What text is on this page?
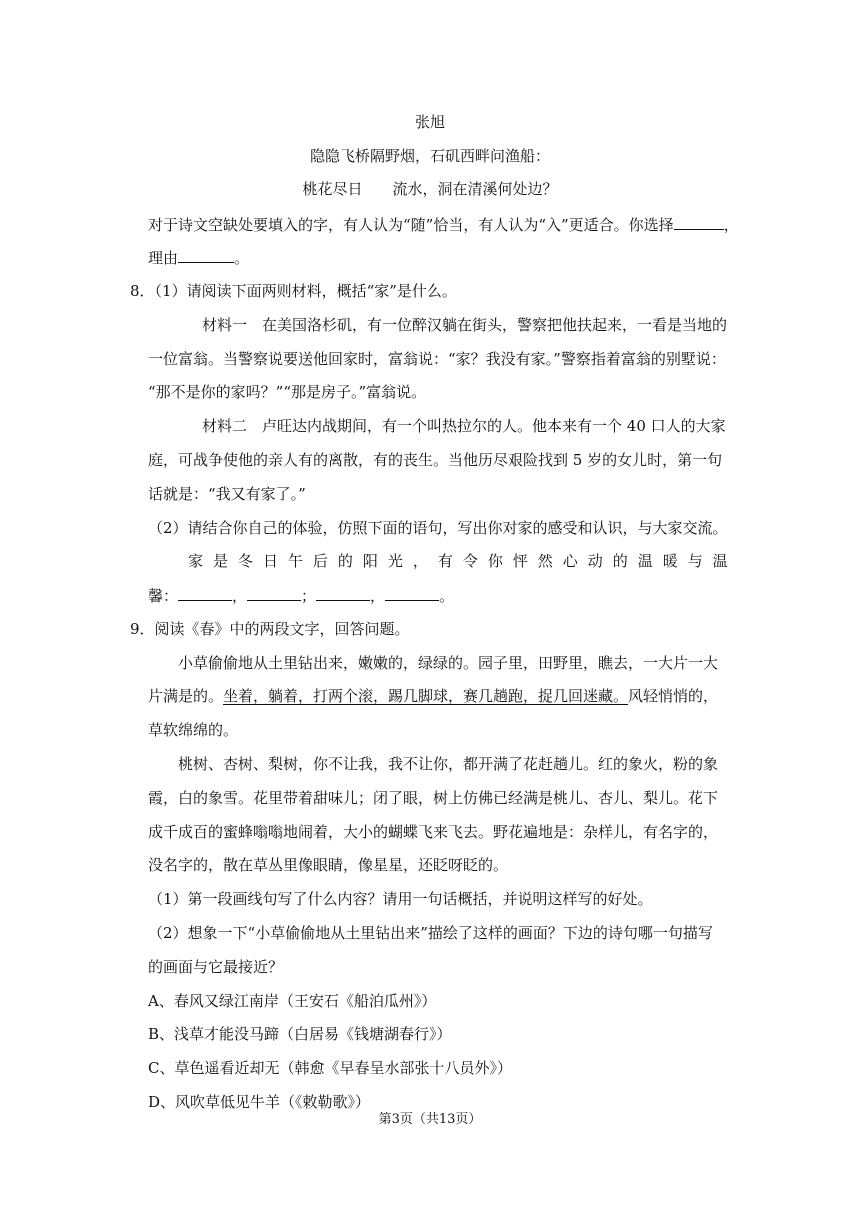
张旭
隐隐飞桥隔野烟，石矶西畔问渔船：
桃花尽日 流水，洞在清溪何处边？
对于诗文空缺处要填入的字，有人认为“随”恰当，有人认为“入”更适合。你选择	，
理由	。
8．（1）请阅读下面两则材料，概括“家”是什么。
材料一　在美国洛杉矶，有一位醉汉躺在街头，警察把他扶起来，一看是当地的
一位富翁。当警察说要送他回家时，富翁说：“家？我没有家。”警察指着富翁的别墅说：
“那不是你的家吗？”“那是房子。”富翁说。
材料二　卢旺达内战期间，有一个叫热拉尔的人。他本来有一个 40 口人的大家
庭，可战争使他的亲人有的离散，有的丧生。当他历尽艰险找到 5 岁的女儿时，第一句
话就是：“我又有家了。”
（2）请结合你自己的体验，仿照下面的语句，写出你对家的感受和认识，与大家交流。
家 是 冬 日 午 后 的 阳 光 ， 有 令 你 怦 然 心 动 的 温 暖 与 温
馨：	，	；	，	。
9．阅读《春》中的两段文字，回答问题。
小草偷偷地从土里钻出来，嫩嫩的，绿绿的。园子里，田野里，瞧去，一大片一大
片满是的。坐着，躺着，打两个滚，踢几脚球，赛几趟跑，捉几回迷藏。风轻悄悄的，
草软绵绵的。
桃树、杏树、梨树，你不让我，我不让你，都开满了花赶趟儿。红的象火，粉的象
霞，白的象雪。花里带着甜味儿；闭了眼，树上仿佛已经满是桃儿、杏儿、梨儿。花下
成千成百的蜜蜂嗡嗡地闹着，大小的蝴蝶飞来飞去。野花遍地是：杂样儿，有名字的，
没名字的，散在草丛里像眼睛，像星星，还眨呀眨的。
（1）第一段画线句写了什么内容？请用一句话概括，并说明这样写的好处。
（2）想象一下“小草偷偷地从土里钻出来”描绘了这样的画面？下边的诗句哪一句描写
的画面与它最接近？
A、春风又绿江南岸（王安石《船泊瓜州》）
B、浅草才能没马蹄（白居易《钱塘湖春行》）
C、草色遥看近却无（韩愈《早春呈水部张十八员外》）
D、风吹草低见牛羊（《敕勒歌》）
第3页（共13页）
